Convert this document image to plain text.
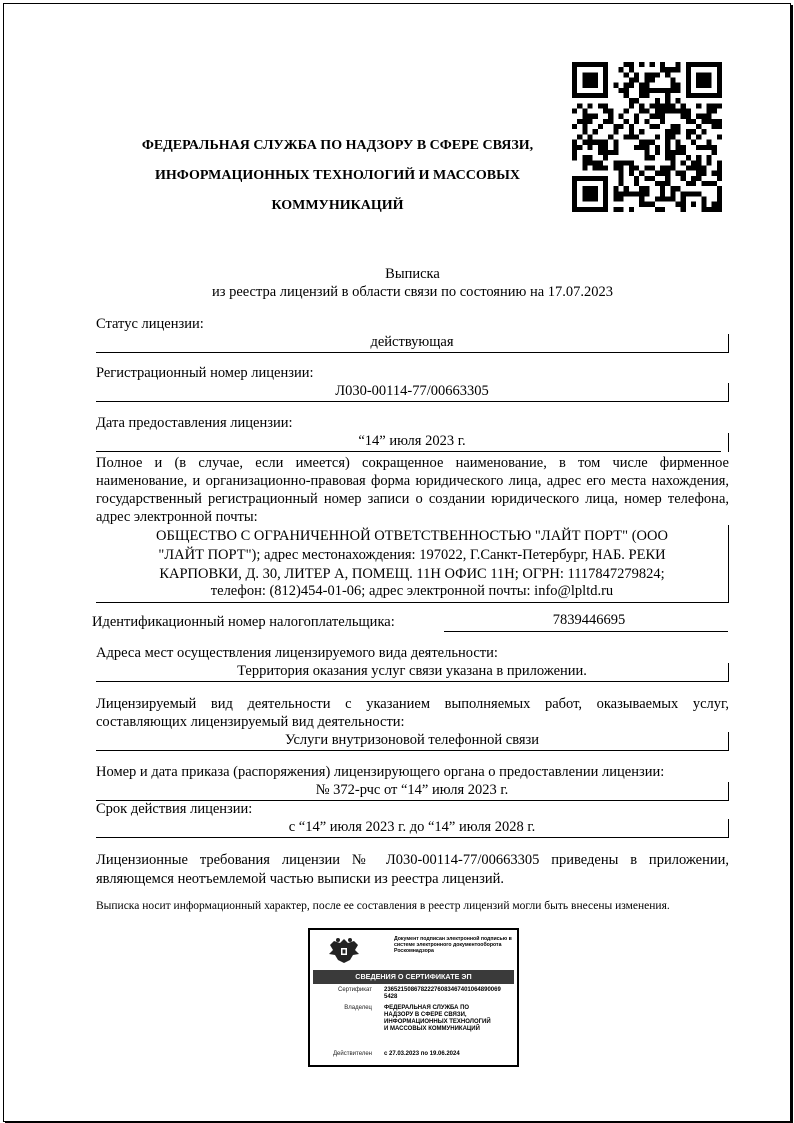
ФЕДЕРАЛЬНАЯ СЛУЖБА ПО НАДЗОРУ В СФЕРЕ СВЯЗИ,
ИНФОРМАЦИОННЫХ ТЕХНОЛОГИЙ И МАССОВЫХ
КОММУНИКАЦИЙ
Выписка
из реестра лицензий в области связи по состоянию на 17.07.2023
Статус лицензии:
действующая
Регистрационный номер лицензии:
Л030-00114-77/00663305
Дата предоставления лицензии:
“14” июля 2023 г.
Полное и (в случае, если имеется) сокращенное наименование, в том числе фирменное наименование, и организационно-правовая форма юридического лица, адрес его места нахождения, государственный регистрационный номер записи о создании юридического лица, номер телефона, адрес электронной почты:
ОБЩЕСТВО С ОГРАНИЧЕННОЙ ОТВЕТСТВЕННОСТЬЮ "ЛАЙТ ПОРТ" (ООО
"ЛАЙТ ПОРТ"); адрес местонахождения: 197022, Г.Санкт-Петербург, НАБ. РЕКИ
КАРПОВКИ, Д. 30, ЛИТЕР А, ПОМЕЩ. 11Н ОФИС 11Н; ОГРН: 1117847279824;
телефон: (812)454-01-06; адрес электронной почты: info@lpltd.ru
Идентификационный номер налогоплательщика:	7839446695
Адреса мест осуществления лицензируемого вида деятельности:
Территория оказания услуг связи указана в приложении.
Лицензируемый вид деятельности с указанием выполняемых работ, оказываемых услуг, составляющих лицензируемый вид деятельности:
Услуги внутризоновой телефонной связи
Номер и дата приказа (распоряжения) лицензирующего органа о предоставлении лицензии:
№ 372-рчс от “14” июля 2023 г.
Срок действия лицензии:
с “14” июля 2023 г. до “14” июля 2028 г.
Лицензионные требования лицензии № Л030-00114-77/00663305 приведены в приложении, являющемся неотъемлемой частью выписки из реестра лицензий.
Выписка носит информационный характер, после ее составления в реестр лицензий могли быть внесены изменения.
Документ подписан электронной подписью в системе электронного документооборота Роскомнадзора
СВЕДЕНИЯ О СЕРТИФИКАТЕ ЭП
Сертификат 236521508678222760834674010648900695428
Владелец ФЕДЕРАЛЬНАЯ СЛУЖБА ПО НАДЗОРУ В СФЕРЕ СВЯЗИ, ИНФОРМАЦИОННЫХ ТЕХНОЛОГИЙ И МАССОВЫХ КОММУНИКАЦИЙ
Действителен с 27.03.2023 по 19.06.2024
